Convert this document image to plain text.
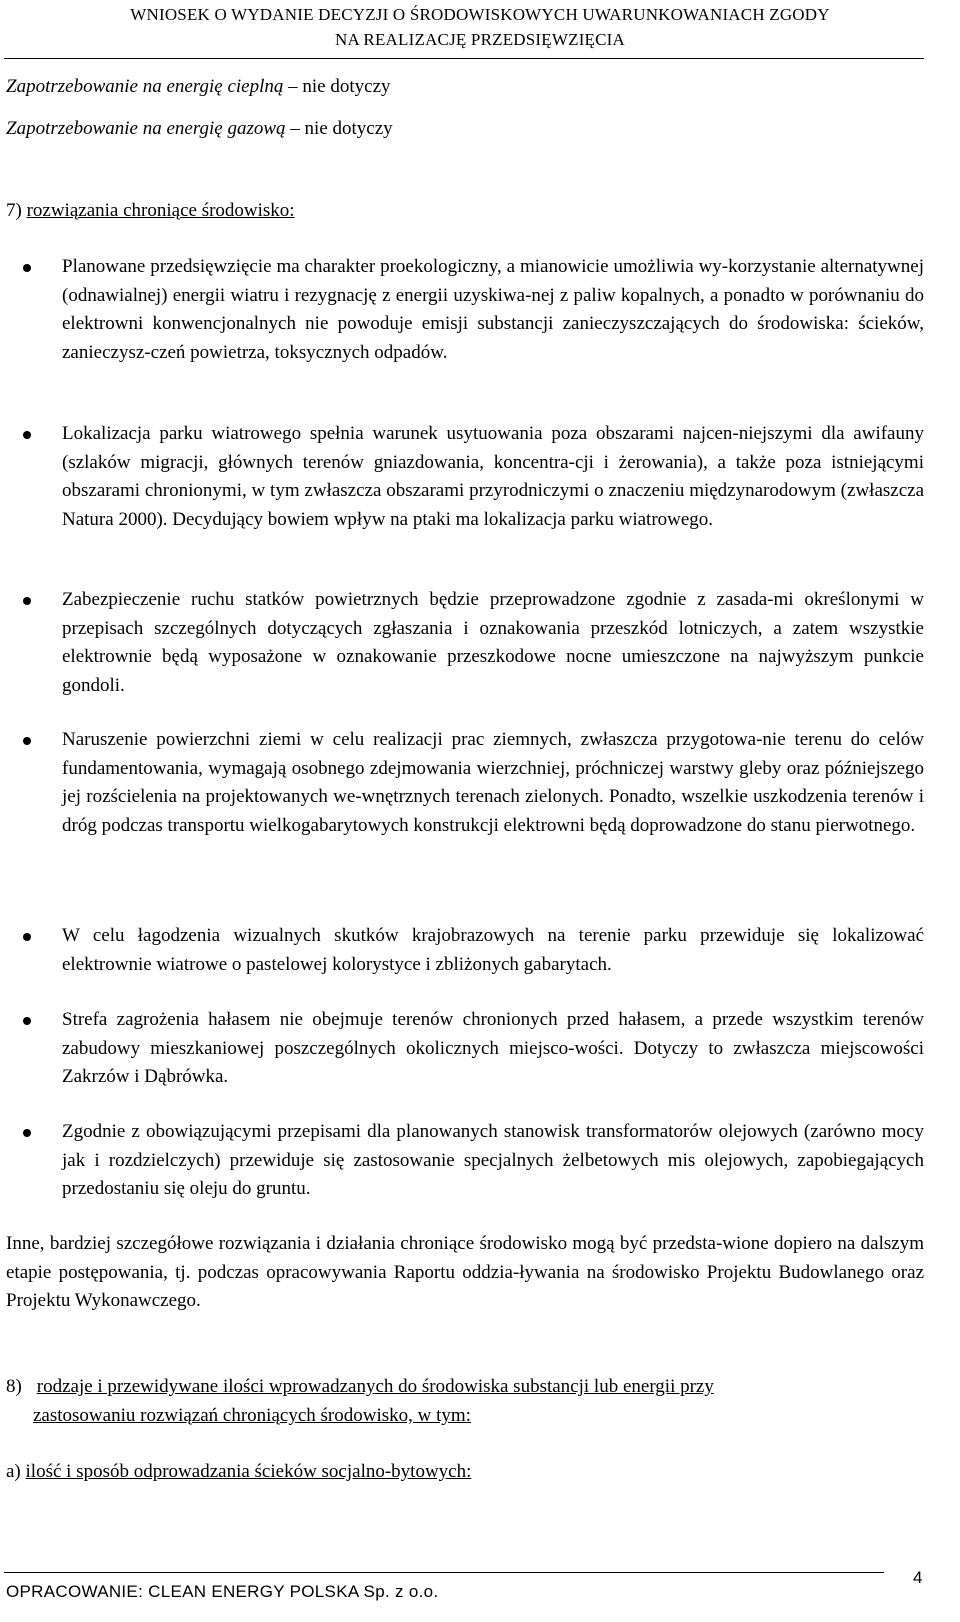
WNIOSEK O WYDANIE DECYZJI O ŚRODOWISKOWYCH UWARUNKOWANIACH ZGODY
NA REALIZACJĘ PRZEDSIĘWZIĘCIA
Zapotrzebowanie na energię cieplną – nie dotyczy
Zapotrzebowanie na energię gazową – nie dotyczy
7) rozwiązania chroniące środowisko:
Planowane przedsięwzięcie ma charakter proekologiczny, a mianowicie umożliwia wy-korzystanie alternatywnej (odnawialnej) energii wiatru i rezygnację z energii uzyskiwa-nej z paliw kopalnych, a ponadto w porównaniu do elektrowni konwencjonalnych nie powoduje emisji substancji zanieczyszczających do środowiska: ścieków, zanieczysz-czeń powietrza, toksycznych odpadów.
Lokalizacja parku wiatrowego spełnia warunek usytuowania poza obszarami najcen-niejszymi dla awifauny (szlaków migracji, głównych terenów gniazdowania, koncentra-cji i żerowania), a także poza istniejącymi obszarami chronionymi, w tym zwłaszcza obszarami przyrodniczymi o znaczeniu międzynarodowym (zwłaszcza Natura 2000). Decydujący bowiem wpływ na ptaki ma lokalizacja parku wiatrowego.
Zabezpieczenie ruchu statków powietrznych będzie przeprowadzone zgodnie z zasada-mi określonymi w przepisach szczególnych dotyczących zgłaszania i oznakowania przeszkód lotniczych, a zatem wszystkie elektrownie będą wyposażone w oznakowanie przeszkodowe nocne umieszczone na najwyższym punkcie gondoli.
Naruszenie powierzchni ziemi w celu realizacji prac ziemnych, zwłaszcza przygotowa-nie terenu do celów fundamentowania, wymagają osobnego zdejmowania wierzchniej, próchniczej warstwy gleby oraz późniejszego jej rozścielenia na projektowanych we-wnętrznych terenach zielonych. Ponadto, wszelkie uszkodzenia terenów i dróg podczas transportu wielkogabarytowych konstrukcji elektrowni będą doprowadzone do stanu pierwotnego.
W celu łagodzenia wizualnych skutków krajobrazowych na terenie parku przewiduje się lokalizować elektrownie wiatrowe o pastelowej kolorystyce i zbliżonych gabarytach.
Strefa zagrożenia hałasem nie obejmuje terenów chronionych przed hałasem, a przede wszystkim terenów zabudowy mieszkaniowej poszczególnych okolicznych miejsco-wości. Dotyczy to zwłaszcza miejscowości Zakrzów i Dąbrówka.
Zgodnie z obowiązującymi przepisami dla planowanych stanowisk transformatorów olejowych (zarówno mocy jak i rozdzielczych) przewiduje się zastosowanie specjalnych żelbetowych mis olejowych, zapobiegających przedostaniu się oleju do gruntu.
Inne, bardziej szczegółowe rozwiązania i działania chroniące środowisko mogą być przedsta-wione dopiero na dalszym etapie postępowania, tj. podczas opracowywania Raportu oddzia-ływania na środowisko Projektu Budowlanego oraz Projektu Wykonawczego.
8) rodzaje i przewidywane ilości wprowadzanych do środowiska substancji lub energii przy
zastosowaniu rozwiązań chroniących środowisko, w tym:
a) ilość i sposób odprowadzania ścieków socjalno-bytowych:
OPRACOWANIE: CLEAN ENERGY POLSKA Sp. z o.o.
4
